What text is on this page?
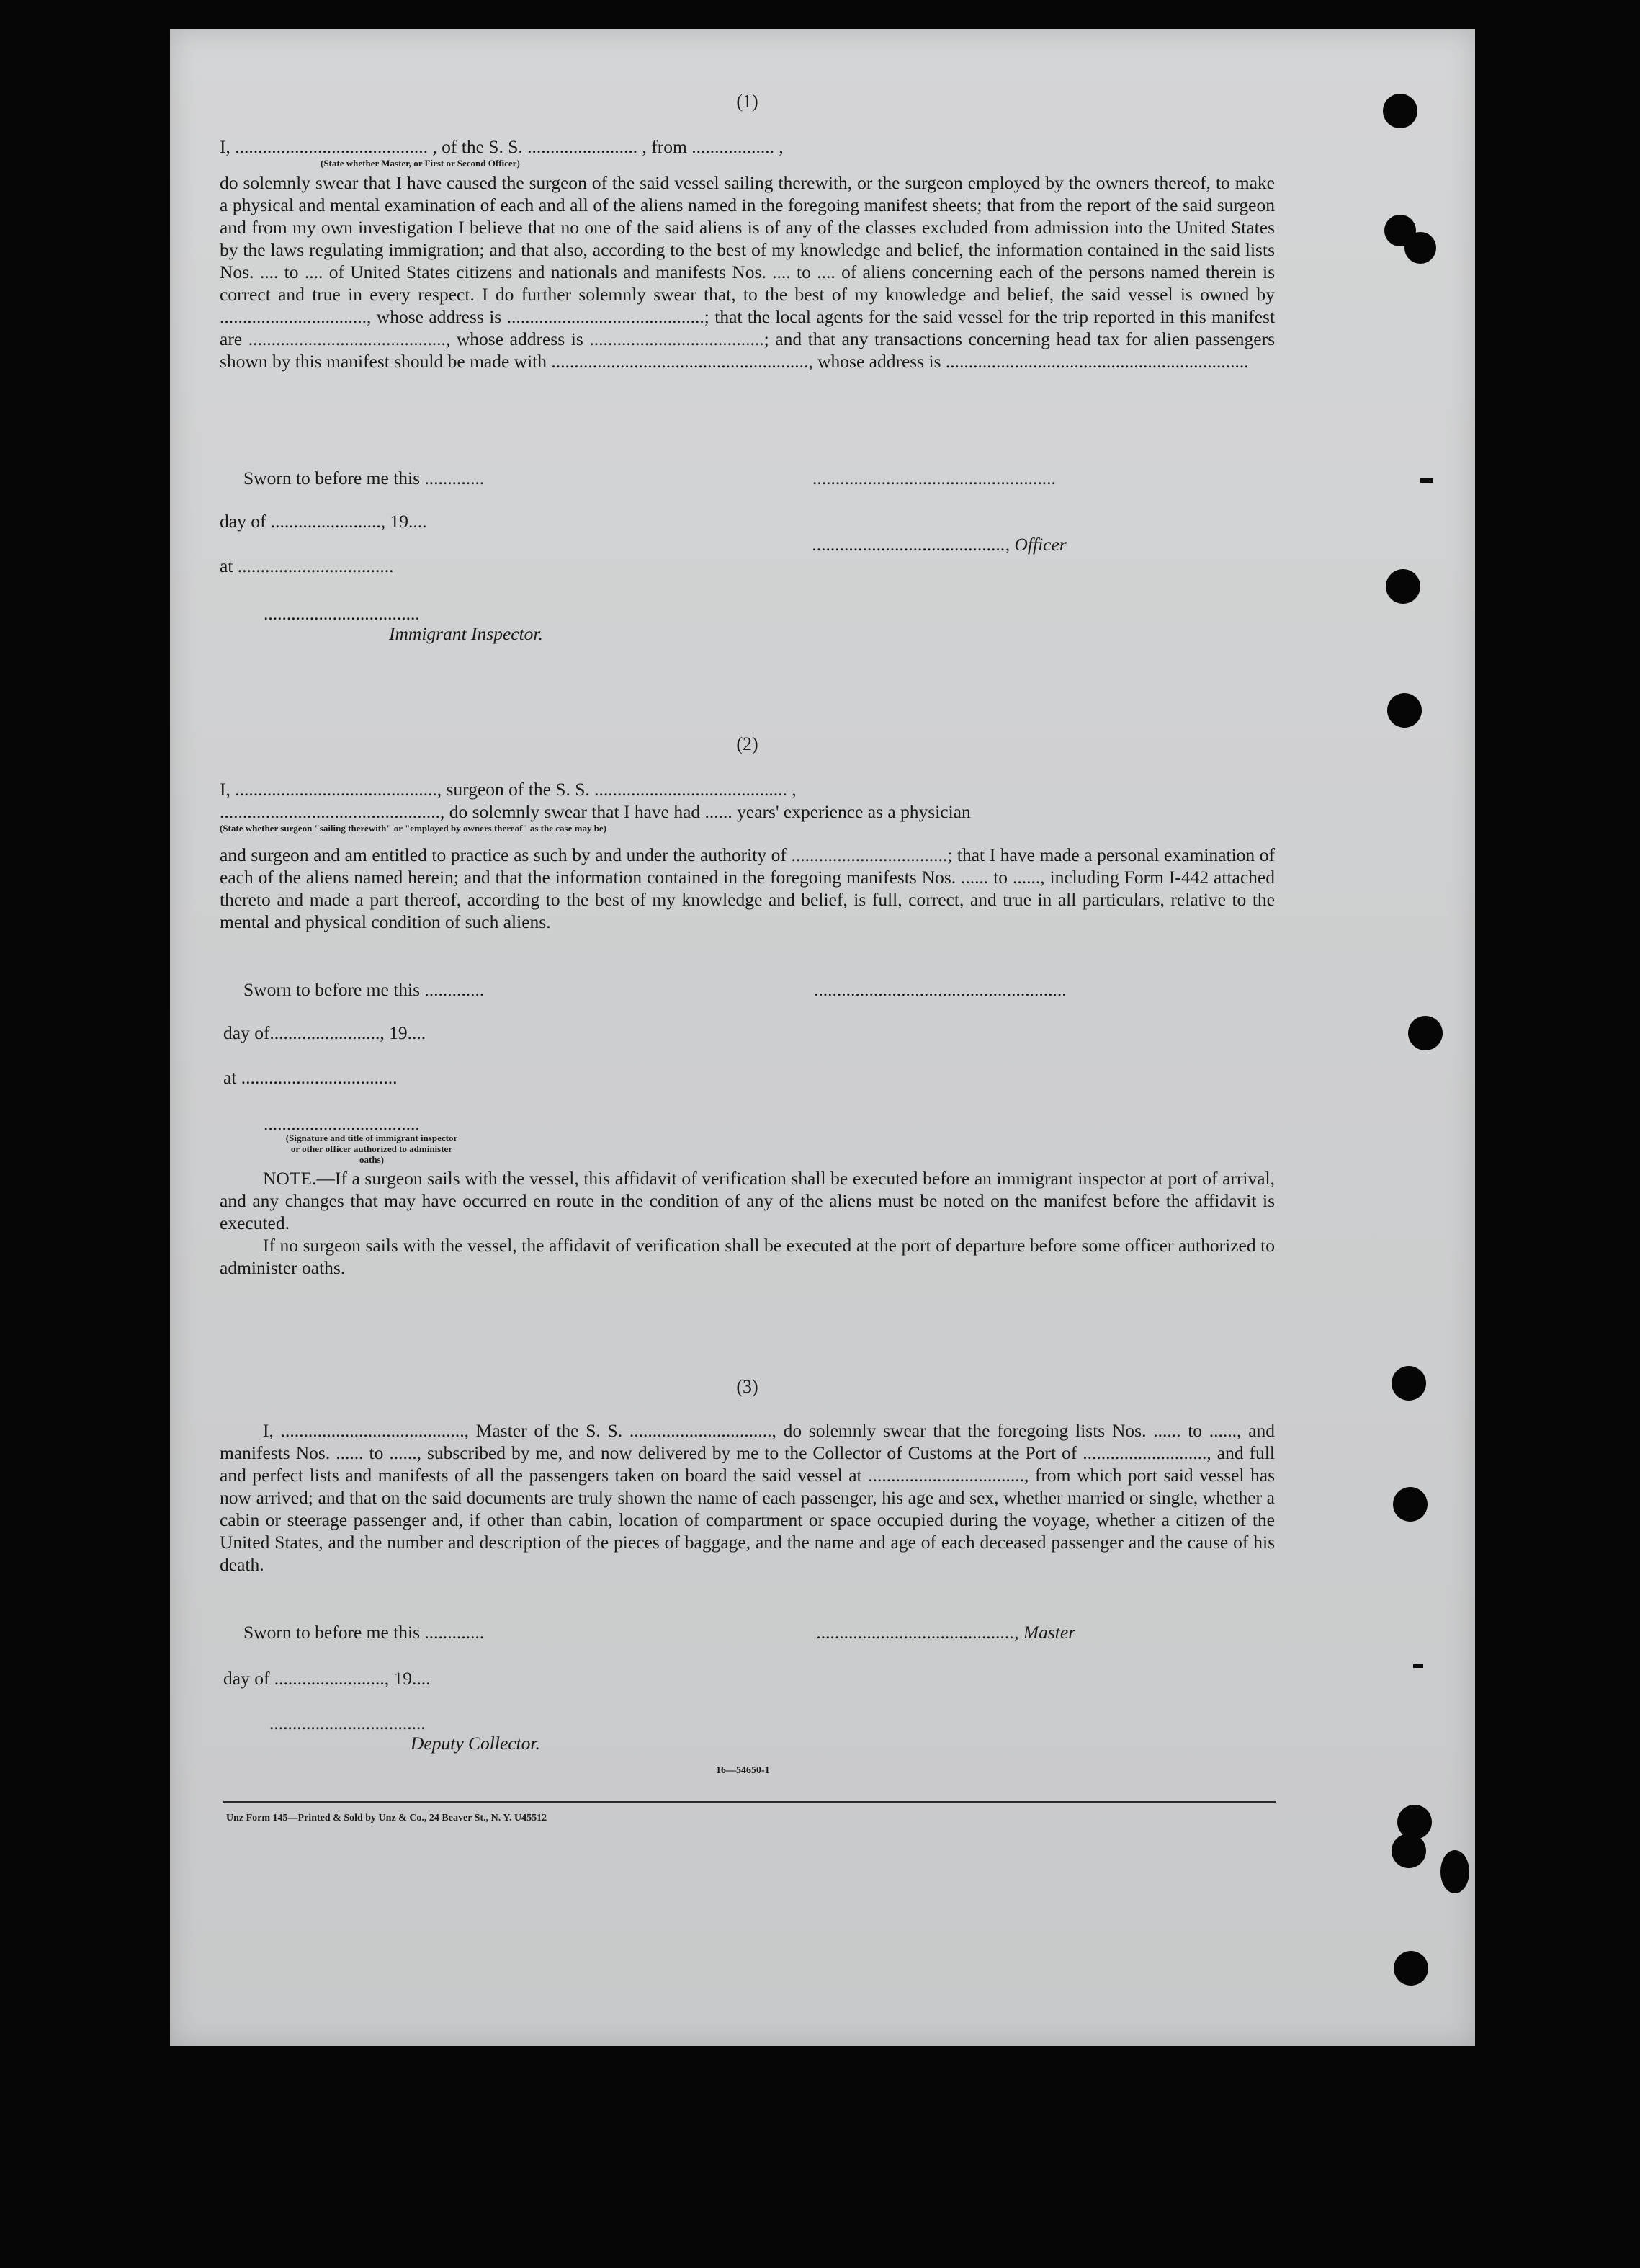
(1)
I, .......................................... , of the S. S. ........................ , from .................. ,
(State whether Master, or First or Second Officer)

do solemnly swear that I have caused the surgeon of the said vessel sailing therewith, or the surgeon employed by the owners thereof, to make a physical and mental examination of each and all of the aliens named in the foregoing manifest sheets; that from the report of the said surgeon and from my own investigation I believe that no one of the said aliens is of any of the classes excluded from admission into the United States by the laws regulating immigration; and that also, according to the best of my knowledge and belief, the information contained in the said lists Nos. .... to .... of United States citizens and nationals and manifests Nos. .... to .... of aliens concerning each of the persons named therein is correct and true in every respect. I do further solemnly swear that, to the best of my knowledge and belief, the said vessel is owned by ................................, whose address is ...........................................; that the local agents for the said vessel for the trip reported in this manifest are ..........................................., whose address is ......................................; and that any transactions concerning head tax for alien passengers shown by this manifest should be made with ........................................................, whose address is ..................................................................

Sworn to before me this .............	.....................................................
day of ........................, 19....
.........................................., Officer
at ..................................
..................................
Immigrant Inspector.
(2)
I, ............................................, surgeon of the S. S. .......................................... ,
................................................, do solemnly swear that I have had ...... years' experience as a physician
(State whether surgeon "sailing therewith" or "employed by owners thereof" as the case may be)

and surgeon and am entitled to practice as such by and under the authority of ..................................; that I have made a personal examination of each of the aliens named herein; and that the information contained in the foregoing manifests Nos. ...... to ......, including Form I-442 attached thereto and made a part thereof, according to the best of my knowledge and belief, is full, correct, and true in all particulars, relative to the mental and physical condition of such aliens.

Sworn to before me this .............	.......................................................
day of........................, 19....
at ..................................
..................................
(Signature and title of immigrant inspector or other officer authorized to administer oaths)

NOTE.—If a surgeon sails with the vessel, this affidavit of verification shall be executed before an immigrant inspector at port of arrival, and any changes that may have occurred en route in the condition of any of the aliens must be noted on the manifest before the affidavit is executed.

If no surgeon sails with the vessel, the affidavit of verification shall be executed at the port of departure before some officer authorized to administer oaths.

(3)

I, ........................................, Master of the S. S. ..............................., do solemnly swear that the foregoing lists Nos. ...... to ......, and manifests Nos. ...... to ......, subscribed by me, and now delivered by me to the Collector of Customs at the Port of ..........................., and full and perfect lists and manifests of all the passengers taken on board the said vessel at .................................., from which port said vessel has now arrived; and that on the said documents are truly shown the name of each passenger, his age and sex, whether married or single, whether a cabin or steerage passenger and, if other than cabin, location of compartment or space occupied during the voyage, whether a citizen of the United States, and the number and description of the pieces of baggage, and the name and age of each deceased passenger and the cause of his death.

Sworn to before me this .............	..........................................., Master
day of ........................, 19....
..................................
Deputy Collector.
16—54650-1
Unz Form 145—Printed & Sold by Unz & Co., 24 Beaver St., N. Y. U45512
